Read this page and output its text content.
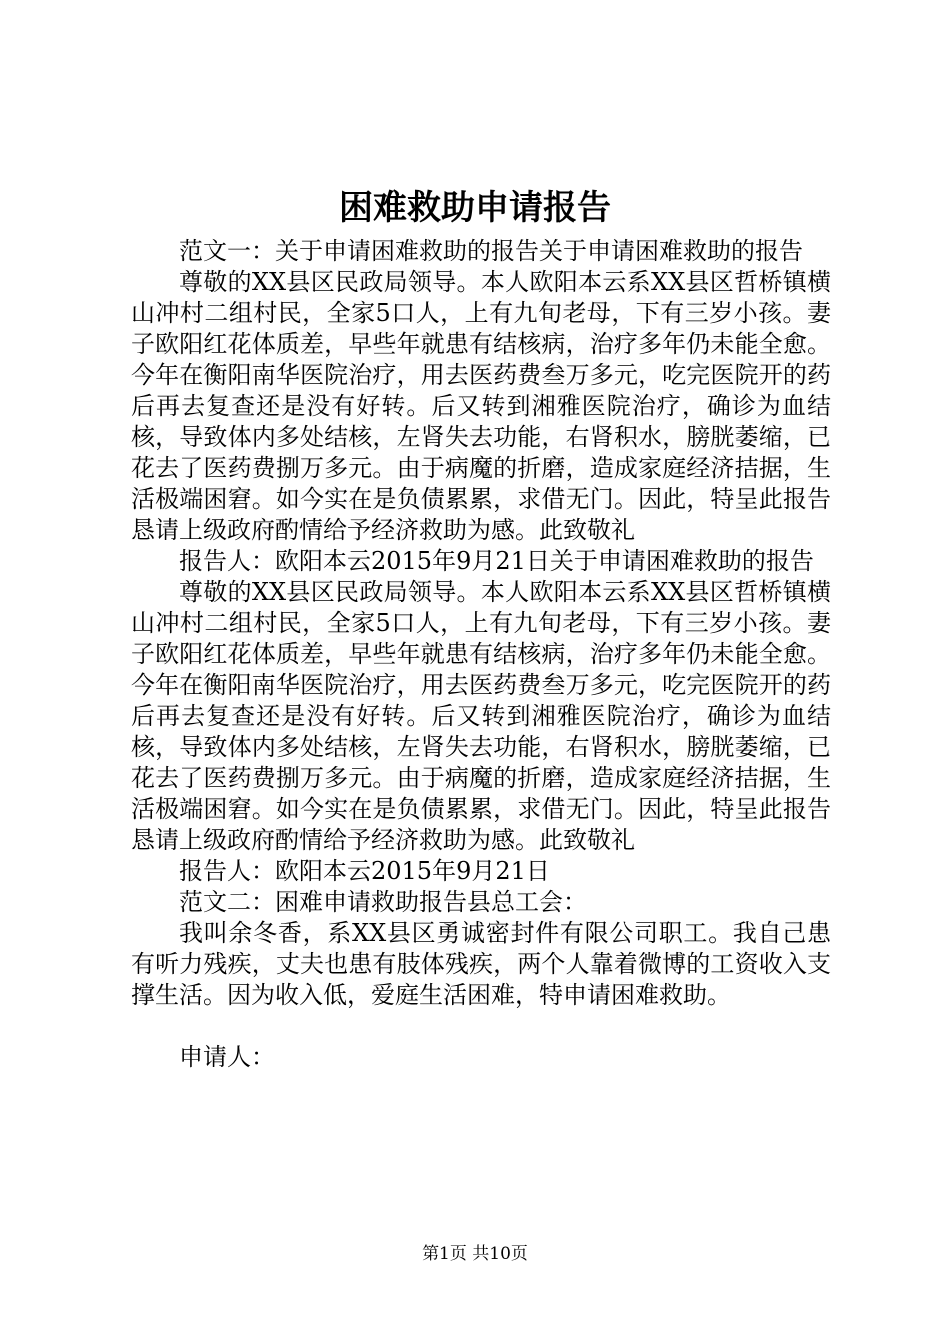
困难救助申请报告

范文一：关于申请困难救助的报告关于申请困难救助的报告

尊敬的XX县区民政局领导。本人欧阳本云系XX县区哲桥镇横山冲村二组村民，全家5口人，上有九旬老母，下有三岁小孩。妻子欧阳红花体质差，早些年就患有结核病，治疗多年仍未能全愈。今年在衡阳南华医院治疗，用去医药费叁万多元，吃完医院开的药后再去复查还是没有好转。后又转到湘雅医院治疗，确诊为血结核，导致体内多处结核，左肾失去功能，右肾积水，膀胱萎缩，已花去了医药费捌万多元。由于病魔的折磨，造成家庭经济拮据，生活极端困窘。如今实在是负债累累，求借无门。因此，特呈此报告恳请上级政府酌情给予经济救助为感。此致敬礼

报告人：欧阳本云2015年9月21日关于申请困难救助的报告

尊敬的XX县区民政局领导。本人欧阳本云系XX县区哲桥镇横山冲村二组村民，全家5口人，上有九旬老母，下有三岁小孩。妻子欧阳红花体质差，早些年就患有结核病，治疗多年仍未能全愈。今年在衡阳南华医院治疗，用去医药费叁万多元，吃完医院开的药后再去复查还是没有好转。后又转到湘雅医院治疗，确诊为血结核，导致体内多处结核，左肾失去功能，右肾积水，膀胱萎缩，已花去了医药费捌万多元。由于病魔的折磨，造成家庭经济拮据，生活极端困窘。如今实在是负债累累，求借无门。因此，特呈此报告恳请上级政府酌情给予经济救助为感。此致敬礼

报告人：欧阳本云2015年9月21日

范文二：困难申请救助报告县总工会：

我叫余冬香，系XX县区勇诚密封件有限公司职工。我自己患有听力残疾，丈夫也患有肢体残疾，两个人靠着微博的工资收入支撑生活。因为收入低，爱庭生活困难，特申请困难救助。

申请人：

第1页 共10页
